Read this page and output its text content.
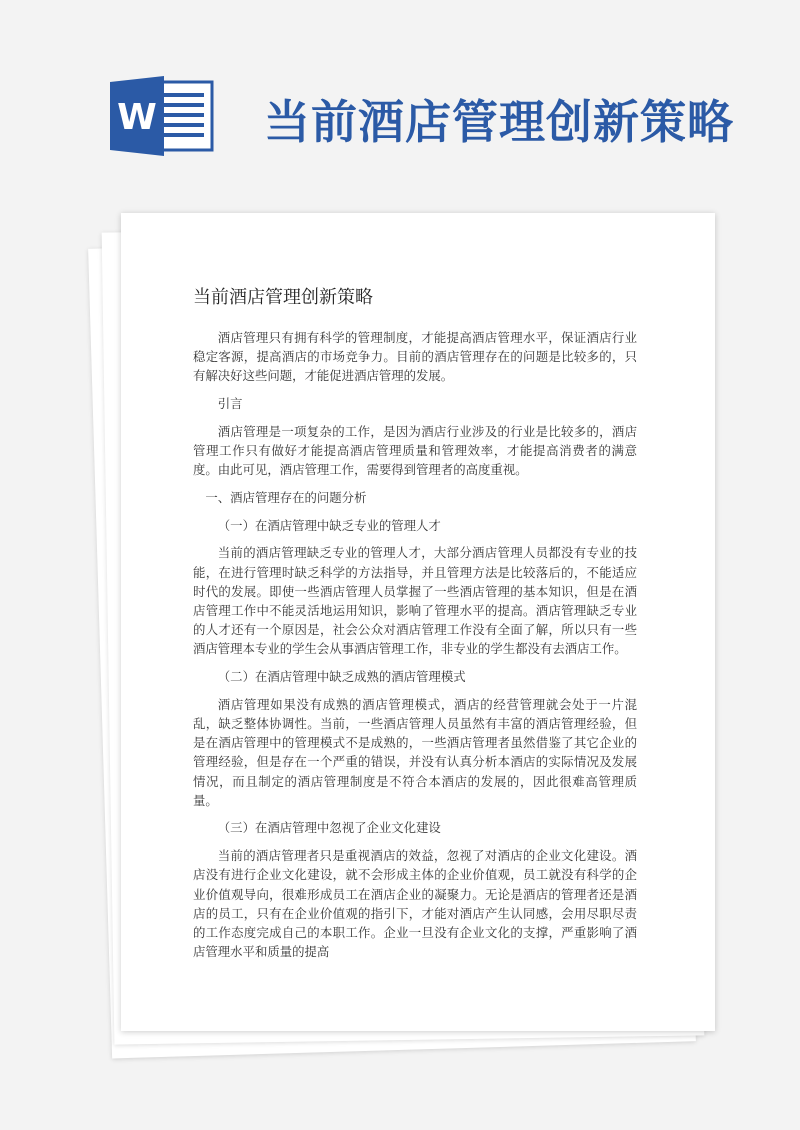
W 当前酒店管理创新策略
当前酒店管理创新策略

酒店管理只有拥有科学的管理制度，才能提高酒店管理水平，保证酒店行业稳定客源，提高酒店的市场竞争力。目前的酒店管理存在的问题是比较多的，只有解决好这些问题，才能促进酒店管理的发展。

引言

酒店管理是一项复杂的工作，是因为酒店行业涉及的行业是比较多的，酒店管理工作只有做好才能提高酒店管理质量和管理效率，才能提高消费者的满意度。由此可见，酒店管理工作，需要得到管理者的高度重视。

一、酒店管理存在的问题分析

（一）在酒店管理中缺乏专业的管理人才

当前的酒店管理缺乏专业的管理人才，大部分酒店管理人员都没有专业的技能，在进行管理时缺乏科学的方法指导，并且管理方法是比较落后的，不能适应时代的发展。即使一些酒店管理人员掌握了一些酒店管理的基本知识，但是在酒店管理工作中不能灵活地运用知识，影响了管理水平的提高。酒店管理缺乏专业的人才还有一个原因是，社会公众对酒店管理工作没有全面了解，所以只有一些酒店管理本专业的学生会从事酒店管理工作，非专业的学生都没有去酒店工作。

（二）在酒店管理中缺乏成熟的酒店管理模式

酒店管理如果没有成熟的酒店管理模式，酒店的经营管理就会处于一片混乱，缺乏整体协调性。当前，一些酒店管理人员虽然有丰富的酒店管理经验，但是在酒店管理中的管理模式不是成熟的，一些酒店管理者虽然借鉴了其它企业的管理经验，但是存在一个严重的错误，并没有认真分析本酒店的实际情况及发展情况，而且制定的酒店管理制度是不符合本酒店的发展的，因此很难高管理质量。

（三）在酒店管理中忽视了企业文化建设

当前的酒店管理者只是重视酒店的效益，忽视了对酒店的企业文化建设。酒店没有进行企业文化建设，就不会形成主体的企业价值观，员工就没有科学的企业价值观导向，很难形成员工在酒店企业的凝聚力。无论是酒店的管理者还是酒店的员工，只有在企业价值观的指引下，才能对酒店产生认同感，会用尽职尽责的工作态度完成自己的本职工作。企业一旦没有企业文化的支撑，严重影响了酒店管理水平和质量的提高
